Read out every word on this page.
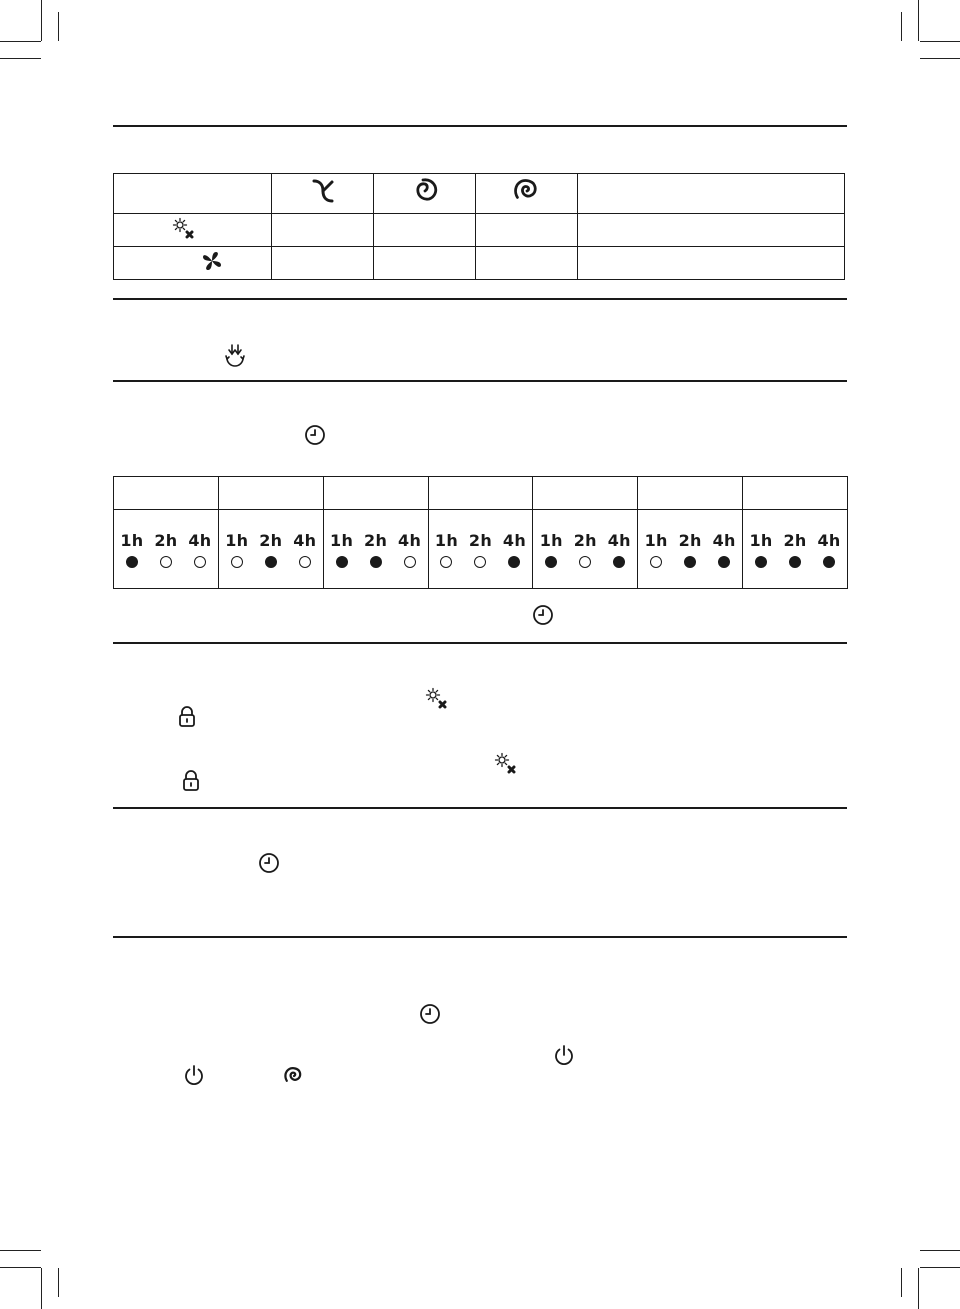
1h 2h 4h	1h 2h 4h	1h 2h 4h	1h 2h 4h	1h 2h 4h	1h 2h 4h	1h 2h 4h
